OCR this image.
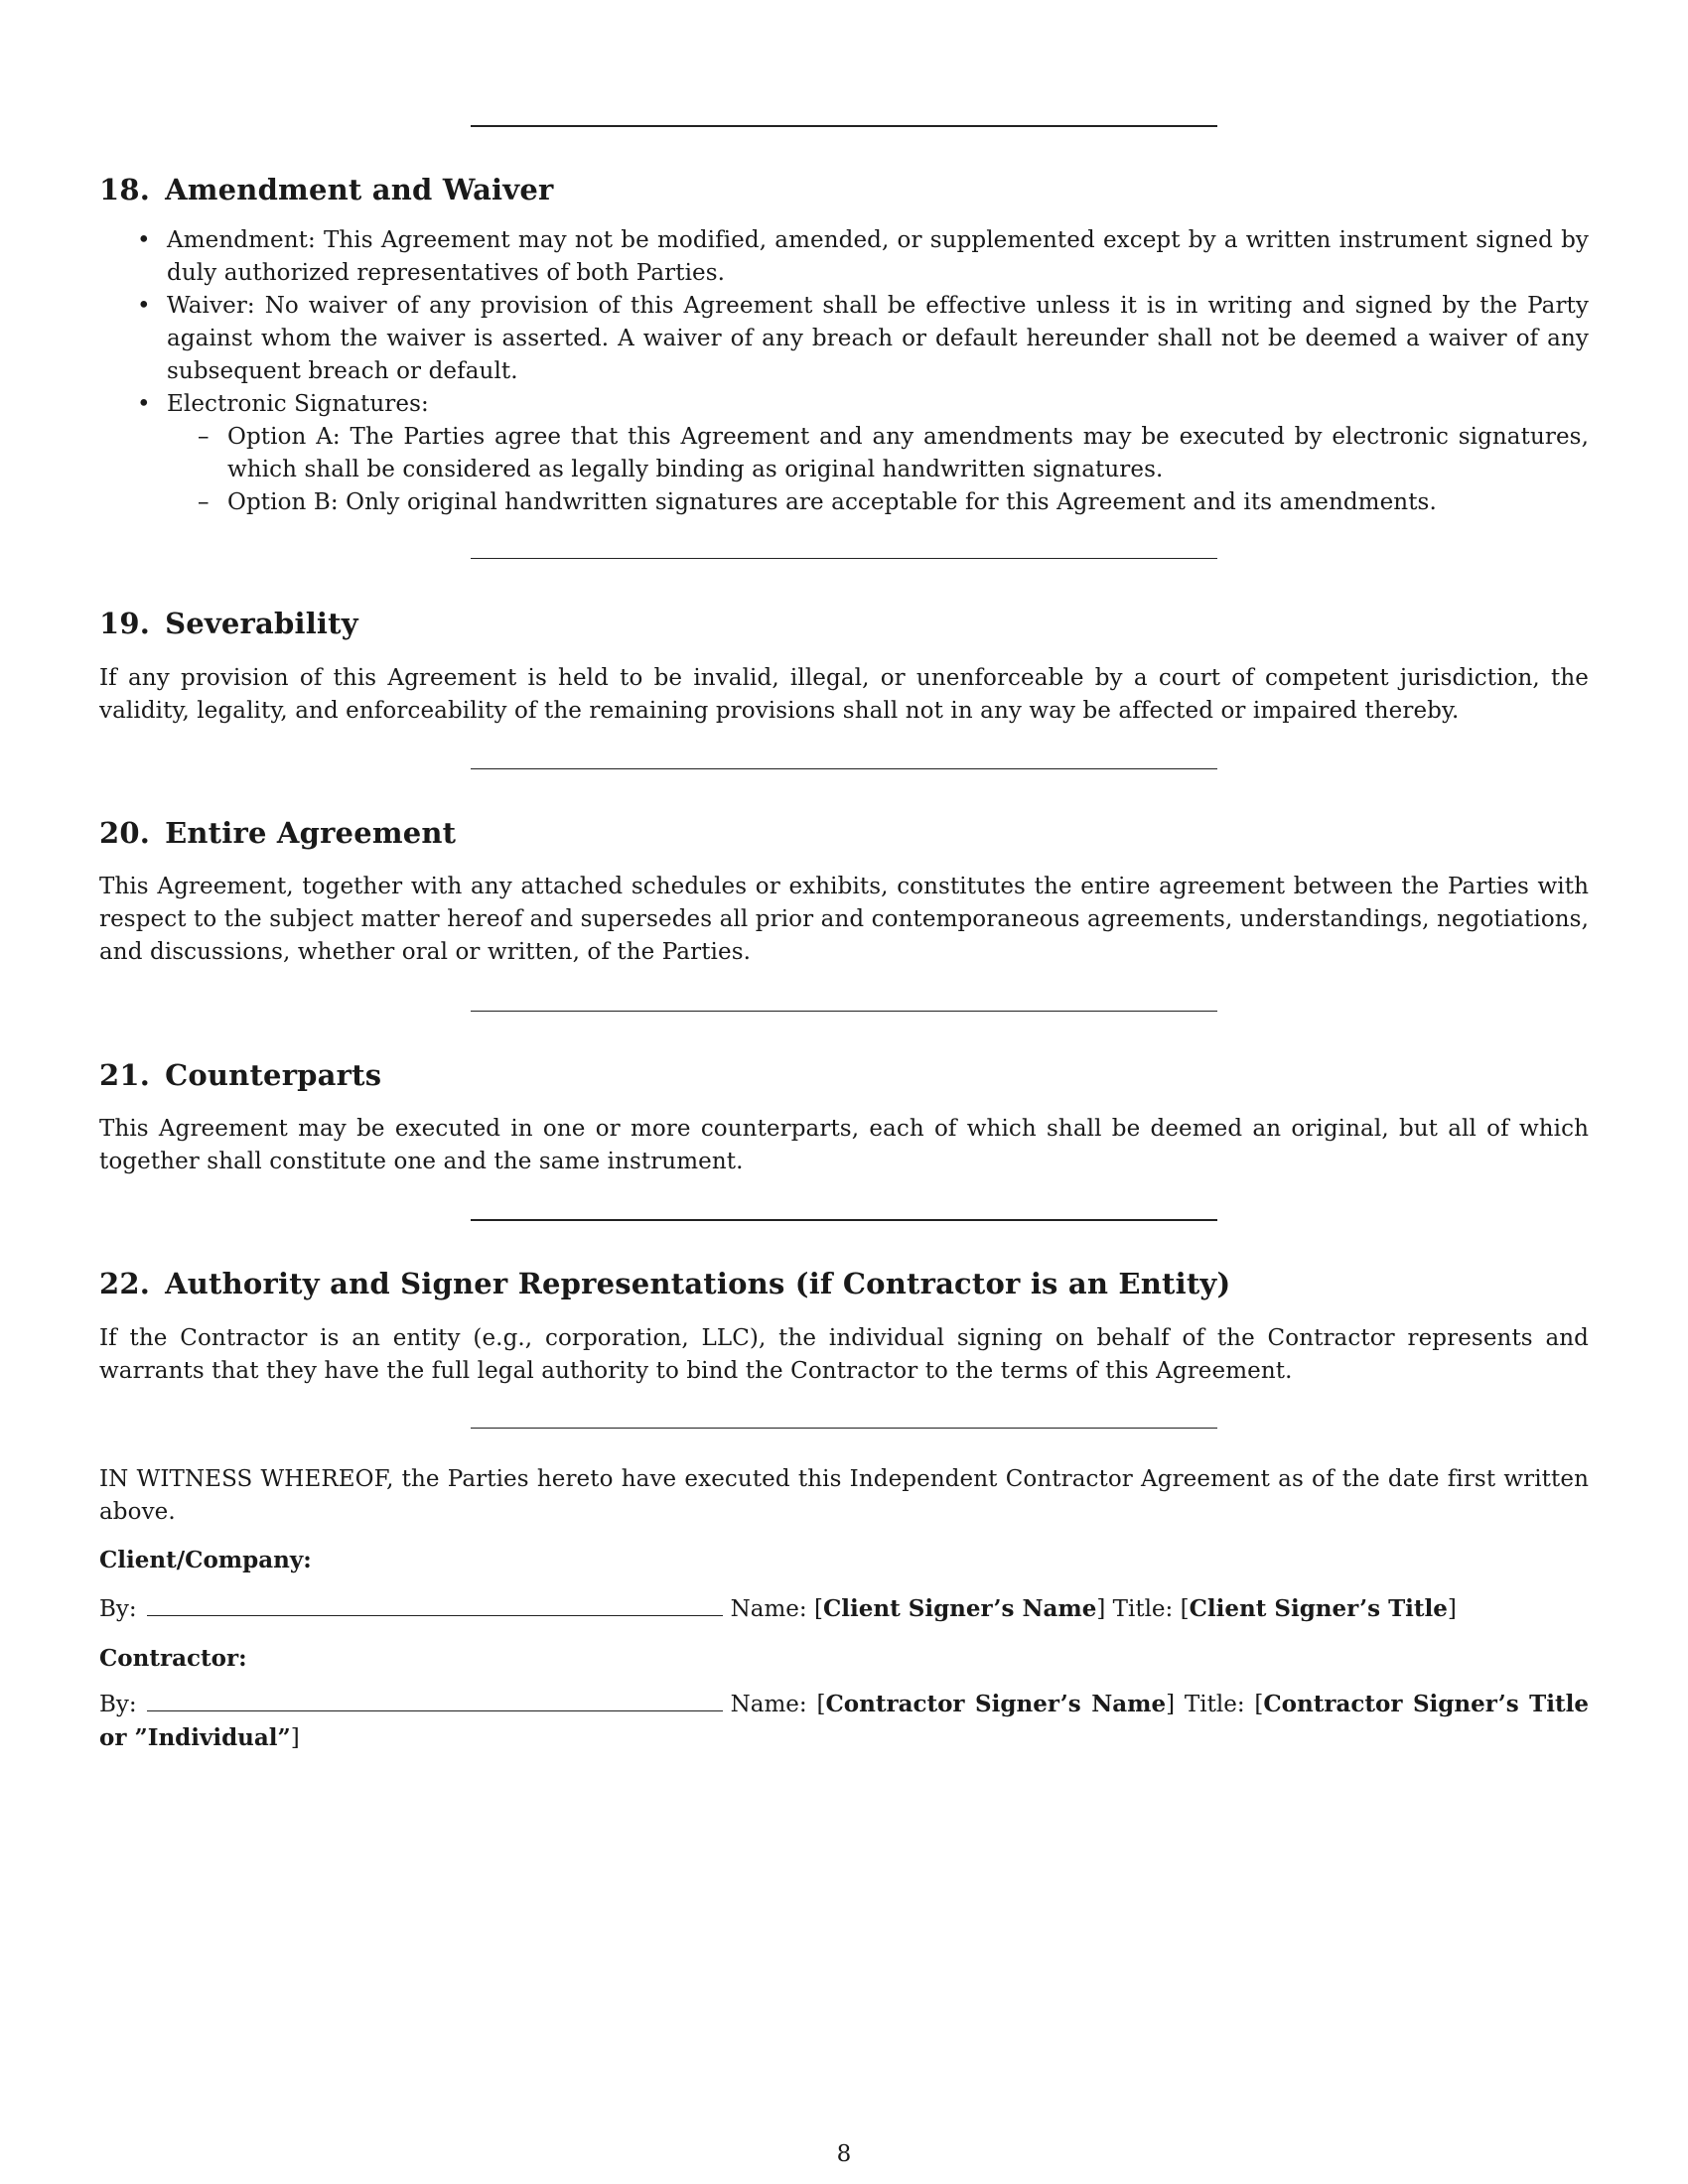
18. Amendment and Waiver
• Amendment: This Agreement may not be modified, amended, or supplemented except by a written instrument signed by duly authorized representatives of both Parties.
• Waiver: No waiver of any provision of this Agreement shall be effective unless it is in writing and signed by the Party against whom the waiver is asserted. A waiver of any breach or default hereunder shall not be deemed a waiver of any subsequent breach or default.
• Electronic Signatures:
– Option A: The Parties agree that this Agreement and any amendments may be executed by electronic signatures, which shall be considered as legally binding as original handwritten signatures.
– Option B: Only original handwritten signatures are acceptable for this Agreement and its amendments.
19. Severability

If any provision of this Agreement is held to be invalid, illegal, or unenforceable by a court of competent jurisdiction, the validity, legality, and enforceability of the remaining provisions shall not in any way be affected or impaired thereby.

20. Entire Agreement

This Agreement, together with any attached schedules or exhibits, constitutes the entire agreement between the Parties with respect to the subject matter hereof and supersedes all prior and contemporaneous agreements, understandings, negotiations, and discussions, whether oral or written, of the Parties.

21. Counterparts

This Agreement may be executed in one or more counterparts, each of which shall be deemed an original, but all of which together shall constitute one and the same instrument.

22. Authority and Signer Representations (if Contractor is an Entity)

If the Contractor is an entity (e.g., corporation, LLC), the individual signing on behalf of the Contractor represents and warrants that they have the full legal authority to bind the Contractor to the terms of this Agreement.

IN WITNESS WHEREOF, the Parties hereto have executed this Independent Contractor Agreement as of the date first written above.

Client/Company:

By:	Name: [Client Signer’s Name] Title: [Client Signer’s Title]

Contractor:

By:	Name: [Contractor Signer’s Name] Title: [Contractor Signer’s Title or ”Individual”]
8
